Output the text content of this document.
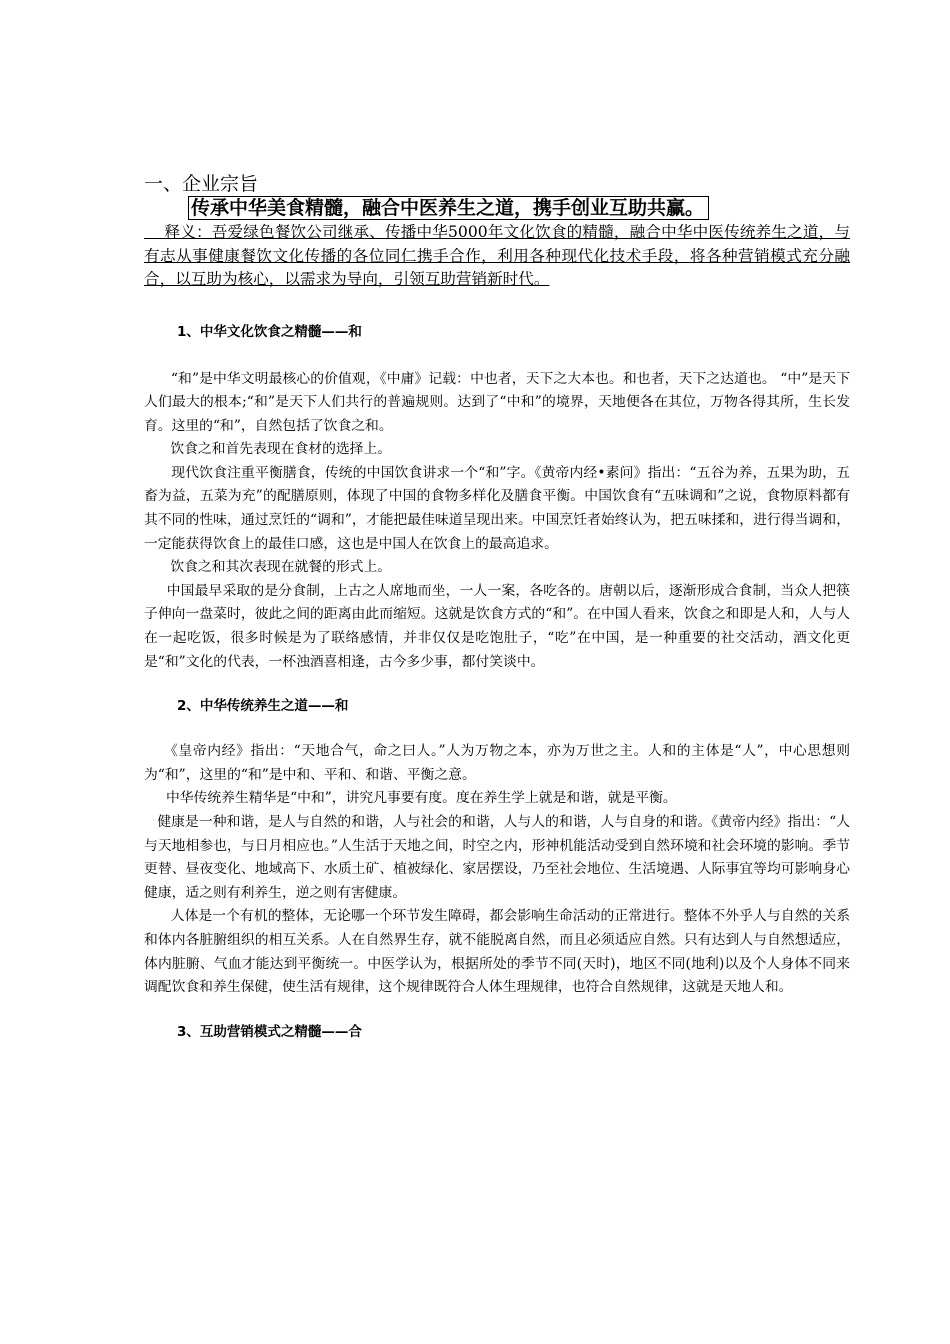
一、企业宗旨
传承中华美食精髓，融合中医养生之道，携手创业互助共赢。
释义：吾爱绿色餐饮公司继承、传播中华5000年文化饮食的精髓，融合中华中医传统养生之道，与有志从事健康餐饮文化传播的各位同仁携手合作，利用各种现代化技术手段，将各种营销模式充分融合，以互助为核心，以需求为导向，引领互助营销新时代。
1、中华文化饮食之精髓——和
“和”是中华文明最核心的价值观，《中庸》记载：中也者，天下之大本也。和也者，天下之达道也。 “中”是天下人们最大的根本;“和”是天下人们共行的普遍规则。达到了“中和”的境界，天地便各在其位，万物各得其所，生长发育。这里的“和”，自然包括了饮食之和。
饮食之和首先表现在食材的选择上。
现代饮食注重平衡膳食，传统的中国饮食讲求一个“和”字。《黄帝内经•素问》指出：“五谷为养，五果为助，五畜为益，五菜为充”的配膳原则，体现了中国的食物多样化及膳食平衡。中国饮食有“五味调和”之说，食物原料都有其不同的性味，通过烹饪的“调和”，才能把最佳味道呈现出来。中国烹饪者始终认为，把五味揉和，进行得当调和，一定能获得饮食上的最佳口感，这也是中国人在饮食上的最高追求。
饮食之和其次表现在就餐的形式上。
中国最早采取的是分食制，上古之人席地而坐，一人一案，各吃各的。唐朝以后，逐渐形成合食制，当众人把筷子伸向一盘菜时，彼此之间的距离由此而缩短。这就是饮食方式的“和”。在中国人看来，饮食之和即是人和，人与人在一起吃饭，很多时候是为了联络感情，并非仅仅是吃饱肚子，“吃”在中国，是一种重要的社交活动，酒文化更是“和”文化的代表，一杯浊酒喜相逢，古今多少事，都付笑谈中。
2、中华传统养生之道——和
《皇帝内经》指出：“天地合气，命之曰人。”人为万物之本，亦为万世之主。人和的主体是“人”，中心思想则为“和”，这里的“和”是中和、平和、和谐、平衡之意。
中华传统养生精华是“中和”，讲究凡事要有度。度在养生学上就是和谐，就是平衡。
健康是一种和谐，是人与自然的和谐，人与社会的和谐，人与人的和谐，人与自身的和谐。《黄帝内经》指出：“人与天地相参也，与日月相应也。”人生活于天地之间，时空之内，形神机能活动受到自然环境和社会环境的影响。季节更替、昼夜变化、地域高下、水质土矿、植被绿化、家居摆设，乃至社会地位、生活境遇、人际事宜等均可影响身心健康，适之则有利养生，逆之则有害健康。
人体是一个有机的整体，无论哪一个环节发生障碍，都会影响生命活动的正常进行。整体不外乎人与自然的关系和体内各脏腑组织的相互关系。人在自然界生存，就不能脱离自然，而且必须适应自然。只有达到人与自然想适应，体内脏腑、气血才能达到平衡统一。中医学认为，根据所处的季节不同(天时)，地区不同(地利)以及个人身体不同来调配饮食和养生保健，使生活有规律，这个规律既符合人体生理规律，也符合自然规律，这就是天地人和。
3、互助营销模式之精髓——合
